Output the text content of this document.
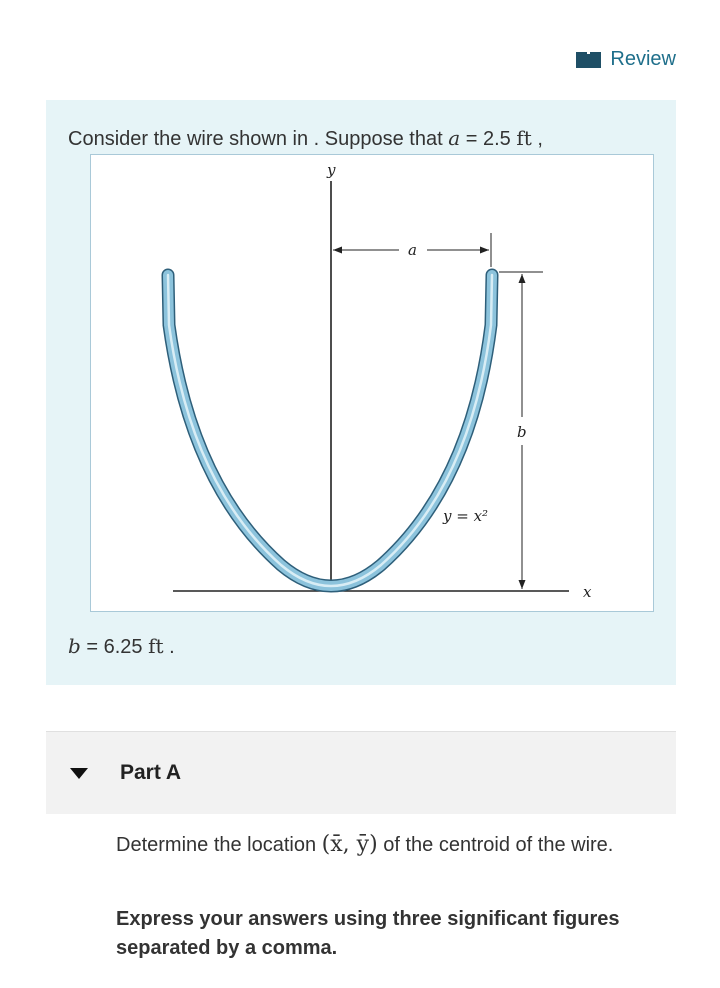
Review
Consider the wire shown in . Suppose that a = 2.5 ft ,
y
x
a
b
y = x²
b = 6.25 ft .
Part A
Determine the location (x̄, ȳ) of the centroid of the wire.
Express your answers using three significant figures separated by a comma.
